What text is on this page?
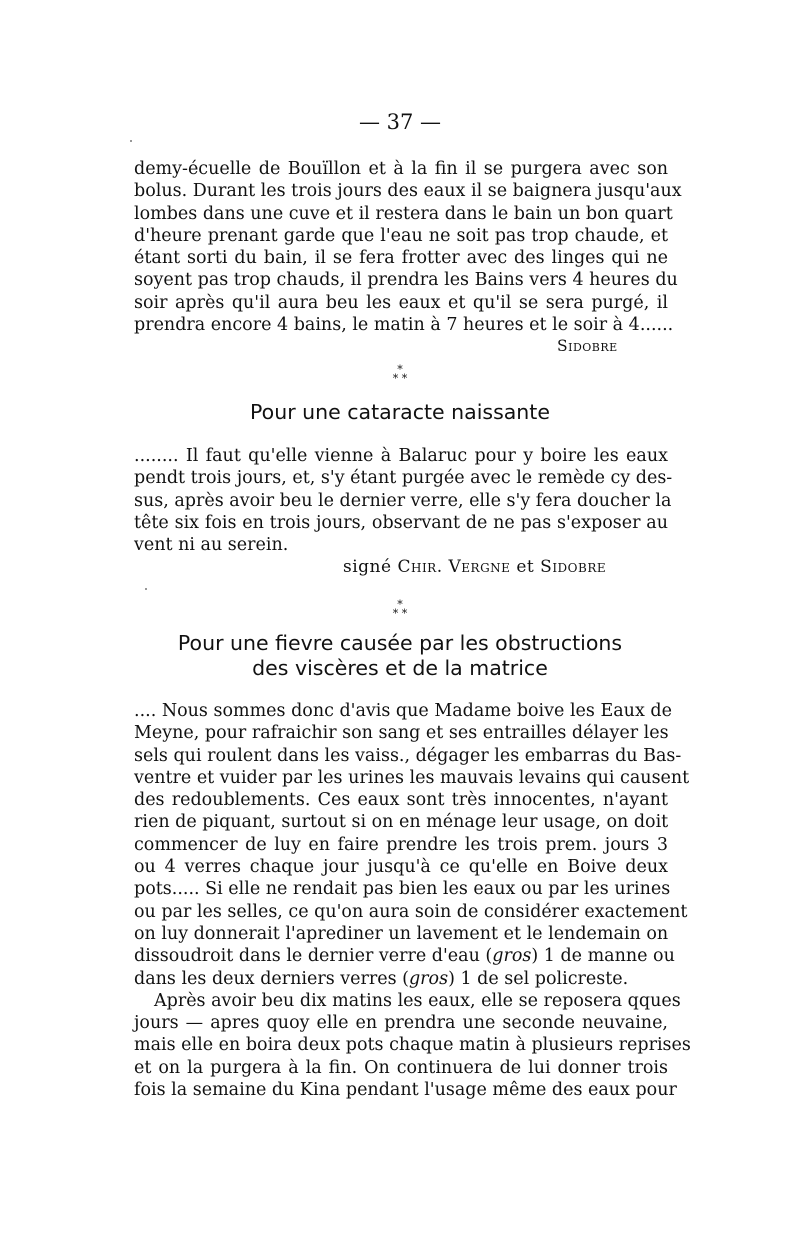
— 37 —
demy-écuelle de Bouïllon et à la fin il se purgera avec son
bolus. Durant les trois jours des eaux il se baignera jusqu'aux
lombes dans une cuve et il restera dans le bain un bon quart
d'heure prenant garde que l'eau ne soit pas trop chaude, et
étant sorti du bain, il se fera frotter avec des linges qui ne
soyent pas trop chauds, il prendra les Bains vers 4 heures du
soir après qu'il aura beu les eaux et qu'il se sera purgé, il
prendra encore 4 bains, le matin à 7 heures et le soir à 4......
Sidobre
*
* *
Pour une cataracte naissante
........ Il faut qu'elle vienne à Balaruc pour y boire les eaux
pendt trois jours, et, s'y étant purgée avec le remède cy des-
sus, après avoir beu le dernier verre, elle s'y fera doucher la
tête six fois en trois jours, observant de ne pas s'exposer au
vent ni au serein.
signé Chir. Vergne et Sidobre
*
* *
Pour une fievre causée par les obstructions
des viscères et de la matrice
.... Nous sommes donc d'avis que Madame boive les Eaux de
Meyne, pour rafraichir son sang et ses entrailles délayer les
sels qui roulent dans les vaiss., dégager les embarras du Bas-
ventre et vuider par les urines les mauvais levains qui causent
des redoublements. Ces eaux sont très innocentes, n'ayant
rien de piquant, surtout si on en ménage leur usage, on doit
commencer de luy en faire prendre les trois prem. jours 3
ou 4 verres chaque jour jusqu'à ce qu'elle en Boive deux
pots..... Si elle ne rendait pas bien les eaux ou par les urines
ou par les selles, ce qu'on aura soin de considérer exactement
on luy donnerait l'aprediner un lavement et le lendemain on
dissoudroit dans le dernier verre d'eau (gros) 1 de manne ou
dans les deux derniers verres (gros) 1 de sel policreste.
Après avoir beu dix matins les eaux, elle se reposera qques
jours — apres quoy elle en prendra une seconde neuvaine,
mais elle en boira deux pots chaque matin à plusieurs reprises
et on la purgera à la fin. On continuera de lui donner trois
fois la semaine du Kina pendant l'usage même des eaux pour
